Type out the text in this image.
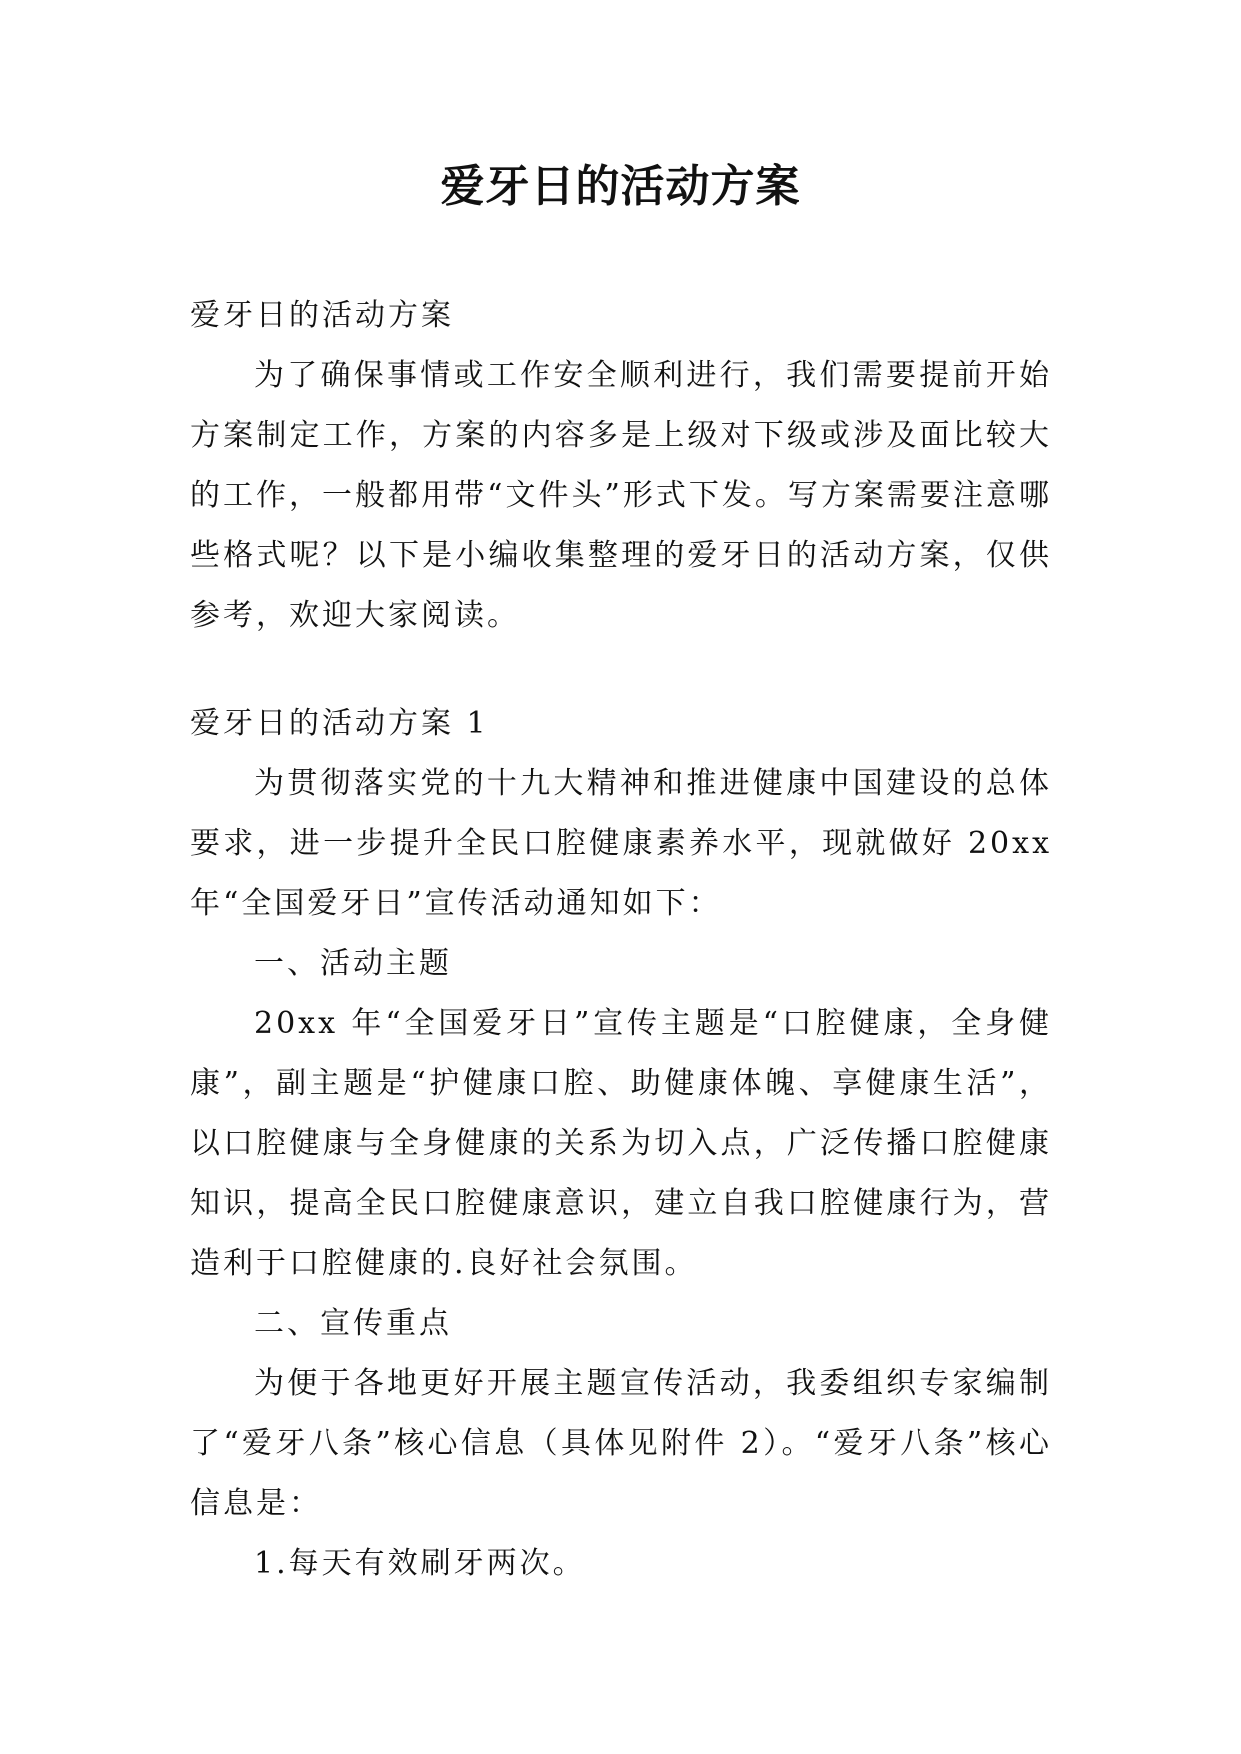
爱牙日的活动方案

爱牙日的活动方案

为了确保事情或工作安全顺利进行，我们需要提前开始方案制定工作，方案的内容多是上级对下级或涉及面比较大的工作，一般都用带“文件头”形式下发。写方案需要注意哪些格式呢？以下是小编收集整理的爱牙日的活动方案，仅供参考，欢迎大家阅读。

爱牙日的活动方案 1

为贯彻落实党的十九大精神和推进健康中国建设的总体要求，进一步提升全民口腔健康素养水平，现就做好 20xx 年“全国爱牙日”宣传活动通知如下：

一、活动主题

20xx 年“全国爱牙日”宣传主题是“口腔健康，全身健康”，副主题是“护健康口腔、助健康体魄、享健康生活”，以口腔健康与全身健康的关系为切入点，广泛传播口腔健康知识，提高全民口腔健康意识，建立自我口腔健康行为，营造利于口腔健康的.良好社会氛围。

二、宣传重点

为便于各地更好开展主题宣传活动，我委组织专家编制了“爱牙八条”核心信息（具体见附件 2）。“爱牙八条”核心信息是：

1.每天有效刷牙两次。
